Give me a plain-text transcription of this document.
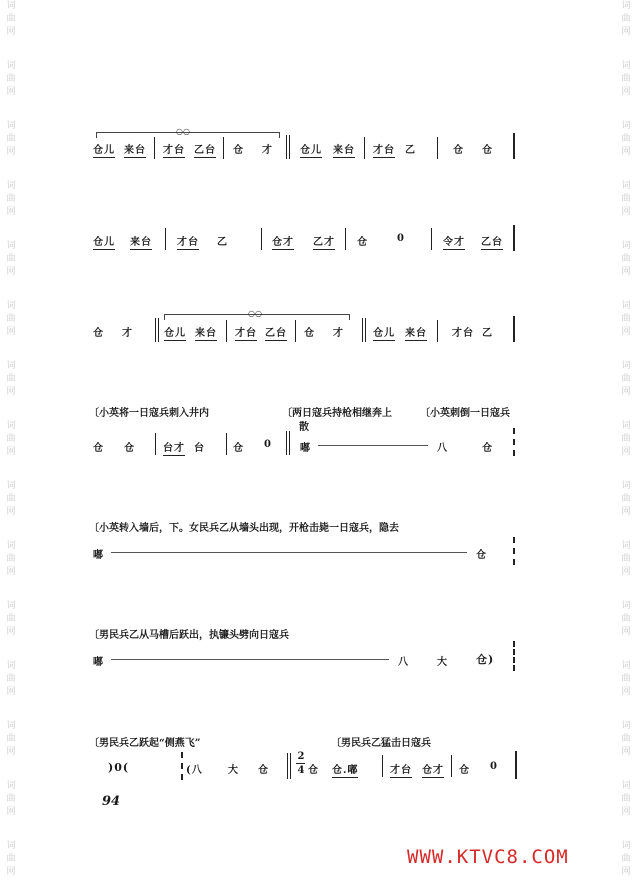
词
曲
网
词
曲
网
词
曲
网
词
曲
网
词
曲
网
词
曲
网
词
曲
网
词
曲
网
词
曲
网
词
曲
网
词
曲
网
词
曲
网
词
曲
网
词
曲
网
词
曲
网
词
曲
网
词
曲
网
词
曲
网
词
曲
网
词
曲
网
词
曲
网
词
曲
网
词
曲
网
词
曲
网
词
曲
网
词
曲
网
词
曲
网
词
曲
网
词
曲
网
词
曲
网
○○
仓儿 来台 才台 乙台 仓 才	仓儿 来台 才台 乙	仓 仓
仓儿 来台	才台 乙	仓才 乙才 仓	0	令才 乙台
○○
仓 才	仓儿 来台 才台 乙台 仓 才	仓儿 来台	才台 乙
〔小英将一日寇兵刺入井内	〔两日寇兵持枪相继奔上
散
〔小英刺倒一日寇兵
仓 仓	台才 台	仓 0	嘟	八	仓
〔小英转入墙后，下。女民兵乙从墙头出现，开枪击毙一日寇兵，隐去
嘟	仓
〔男民兵乙从马槽后跃出，执镰头劈向日寇兵
嘟	八	大	仓)
〔男民兵乙跃起“侧燕飞”	〔男民兵乙猛击日寇兵
)0(	(八	大 仓
2
4 仓 仓.嘟	才台 仓才 仓 0
94
WWW.KTVC8.COM
